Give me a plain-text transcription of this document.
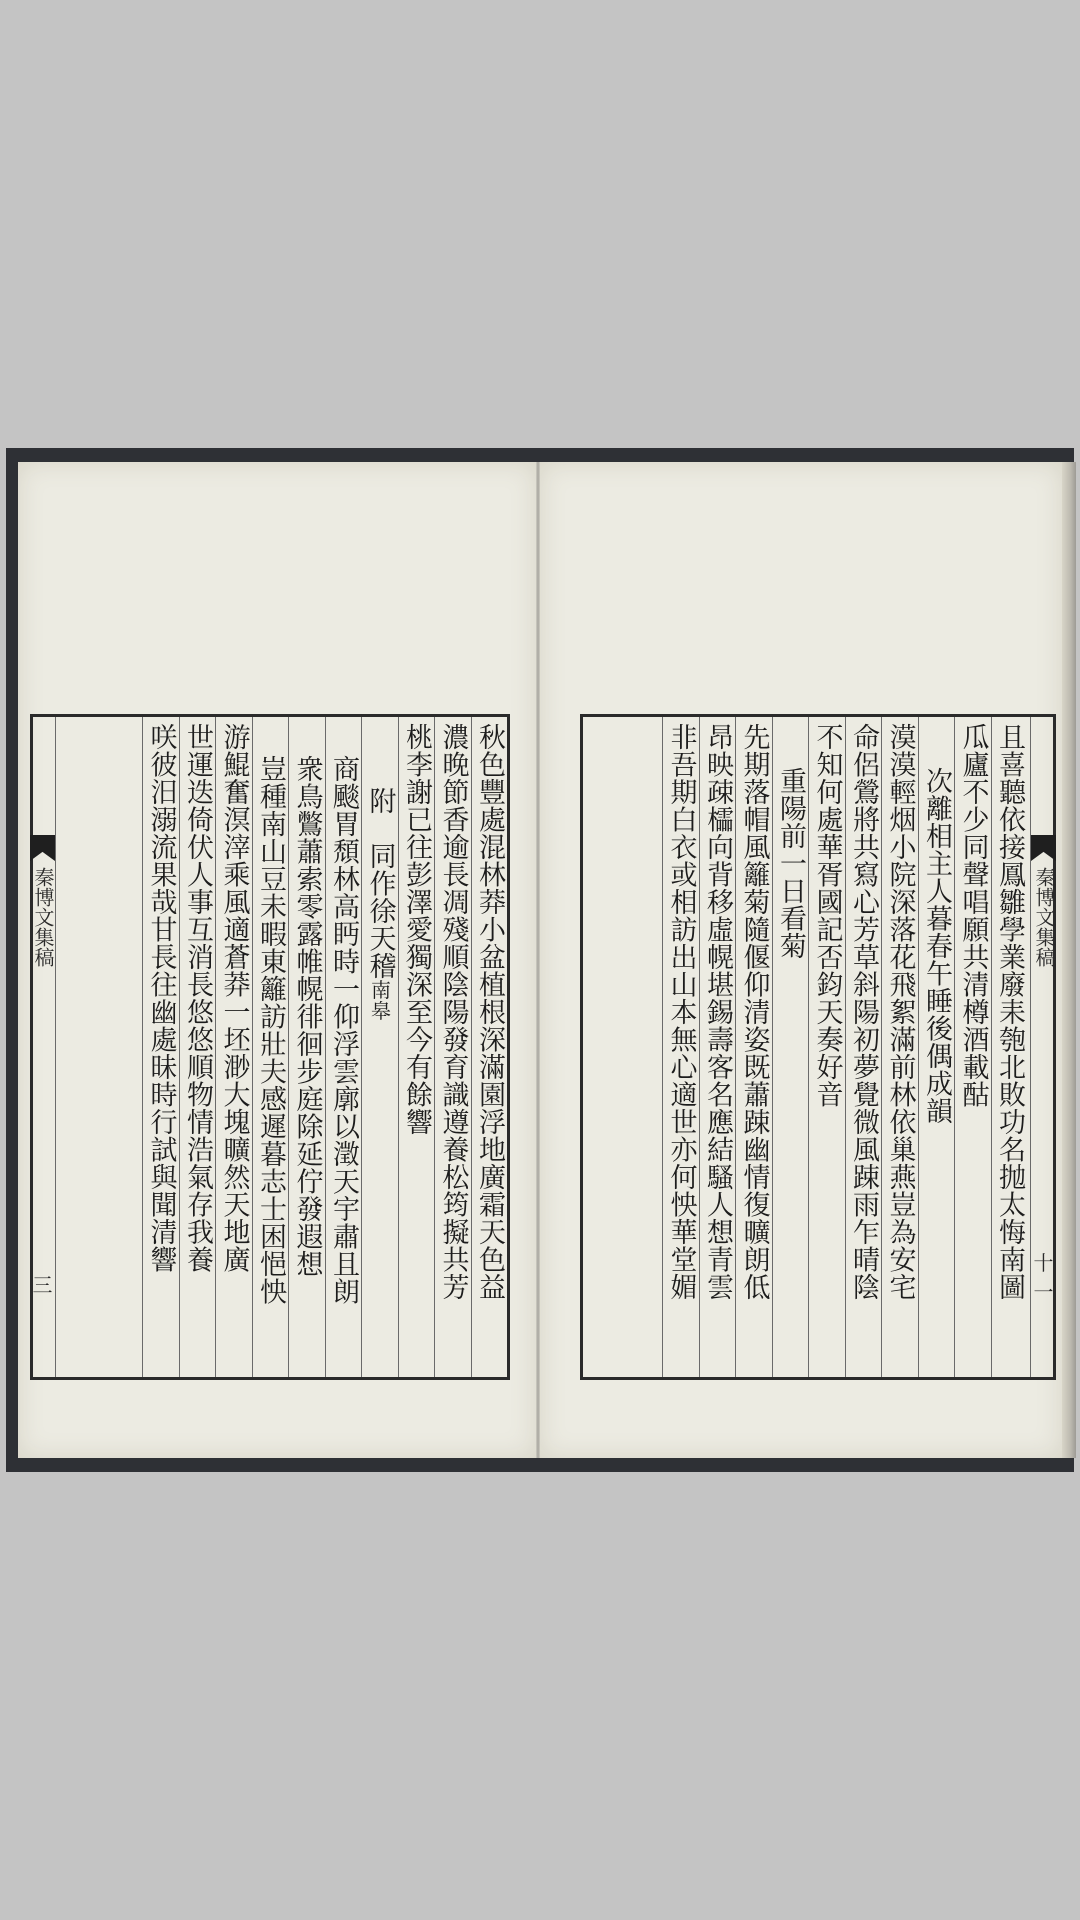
秦博文集稿
三	秋色豐處混林莽小盆植根深滿園浮地廣霜天色益
濃晚節香逾長凋殘順陰陽發育識遵養松筠擬共芳
桃李謝已往彭澤愛獨深至今有餘響
附　同作徐天稽南皋
商颷胃頹林高眄時一仰浮雲廓以澂天宇肅且朗
衆鳥鷩蕭索零露帷幌徘徊步庭除延佇發遐想
豈種南山豆未暇東籬訪壯夫感遲暮志士困悒怏
游鯤奮溟滓乘風適蒼莽一坯渺大塊曠然天地廣
世運迭倚伏人事互消長悠悠順物情浩氣存我養
咲彼汨溺流果哉甘長往幽處昧時行試與聞清響	秦博文集稿
十一
且喜聽依接鳳雛學業廢耒匏北敗功名抛太悔南圖
瓜廬不少同聲唱願共清樽酒載酤
次離相主人暮春午睡後偶成韻
漠漠輕烟小院深落花飛絮滿前林依巢燕豈為安宅
命侶鶯將共寫心芳草斜陽初夢覺微風踈雨乍晴陰
不知何處華胥國記否鈞天奏好音
重陽前一日看菊
先期落帽風籬菊隨偃仰清姿既蕭踈幽情復曠朗低
昂映疎櫺向背移虛幌堪錫壽客名應結騷人想青雲
非吾期白衣或相訪出山本無心適世亦何怏華堂媚
